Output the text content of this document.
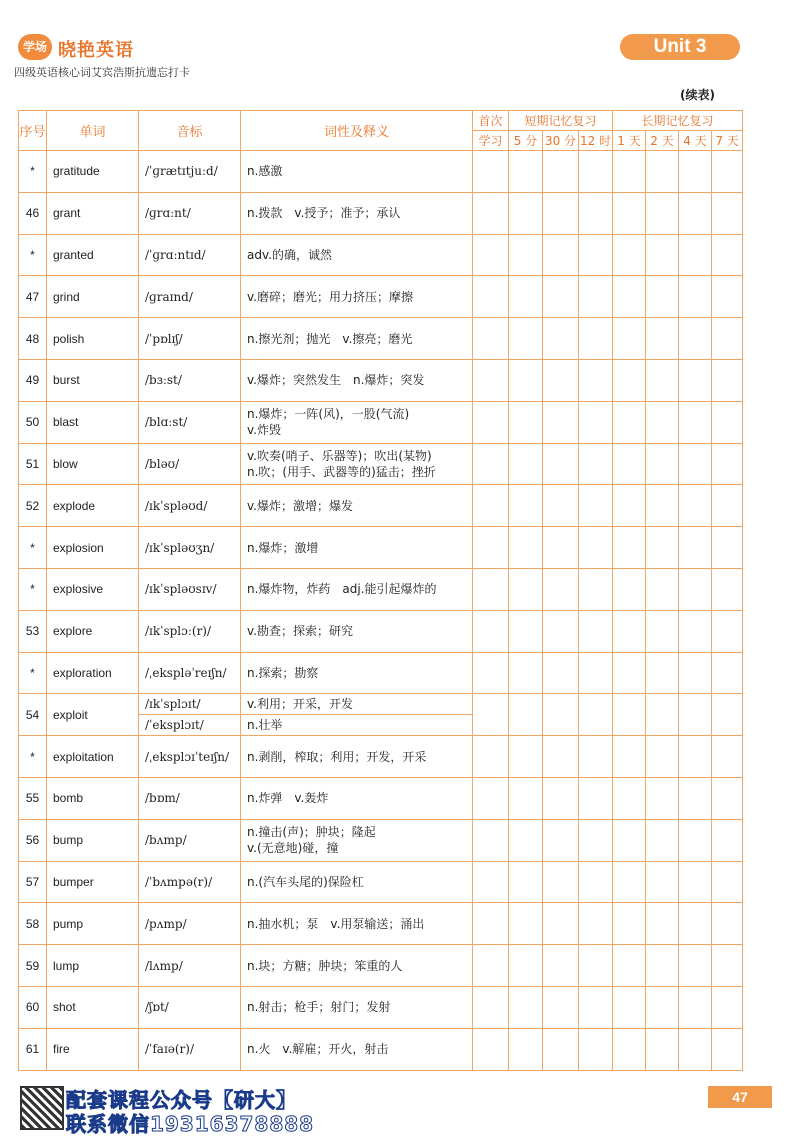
学场 晓艳英语
四级英语核心词艾宾浩斯抗遗忘打卡
Unit 3
(续表)
序号	单词	音标	词性及释义	首次	短期记忆复习			长期记忆复习			
				学习	5 分	30 分	12 时	1 天	2 天	4 天	7 天
*	gratitude	/ˈɡrætɪtjuːd/	n.感激								

46	grant	/ɡrɑːnt/	n.拨款　v.授予；准予；承认								

*	granted	/ˈɡrɑːntɪd/	adv.的确，诚然								

47	grind	/ɡraɪnd/	v.磨碎；磨光；用力挤压；摩擦								

48	polish	/ˈpɒlɪʃ/	n.擦光剂；抛光　v.擦亮；磨光								

49	burst	/bɜːst/	v.爆炸；突然发生　n.爆炸；突发								

50	blast	/blɑːst/	n.爆炸；一阵(风)，一股(气流)
v.炸毁								

51	blow	/bləʊ/	v.吹奏(哨子、乐器等)；吹出(某物)
n.吹；(用手、武器等的)猛击；挫折								

52	explode	/ɪkˈspləʊd/	v.爆炸；激增；爆发								

*	explosion	/ɪkˈspləʊʒn/	n.爆炸；激增								

*	explosive	/ɪkˈspləʊsɪv/	n.爆炸物，炸药　adj.能引起爆炸的								

53	explore	/ɪkˈsplɔː(r)/	v.勘查；探索；研究								

*	exploration	/ˌekspləˈreɪʃn/	n.探索；勘察								

54	exploit	/ɪkˈsplɔɪt/	v.利用；开采，开发								

		/ˈeksplɔɪt/	n.壮举								

*	exploitation	/ˌeksplɔɪˈteɪʃn/	n.剥削，榨取；利用；开发，开采								

55	bomb	/bɒm/	n.炸弹　v.轰炸								

56	bump	/bʌmp/	n.撞击(声)；肿块；隆起
v.(无意地)碰，撞								

57	bumper	/ˈbʌmpə(r)/	n.(汽车头尾的)保险杠								

58	pump	/pʌmp/	n.抽水机；泵　v.用泵输送；涌出								

59	lump	/lʌmp/	n.块；方糖；肿块；笨重的人								

60	shot	/ʃɒt/	n.射击；枪手；射门；发射								

61	fire	/ˈfaɪə(r)/	n.火　v.解雇；开火，射击								

配套课程公众号【研大】
联系微信19316378888
47
